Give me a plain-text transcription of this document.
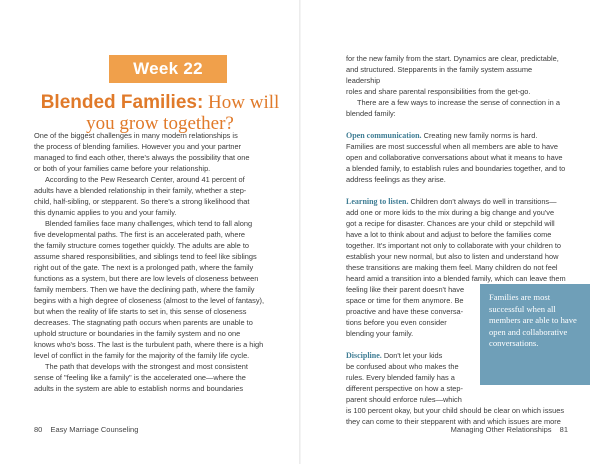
Week 22
Blended Families: How will you grow together?
One of the biggest challenges in many modern relationships is
the process of blending families. However you and your partner
managed to find each other, there's always the possibility that one
or both of your families came before your relationship.
According to the Pew Research Center, around 41 percent of
adults have a blended relationship in their family, whether a step-
child, half-sibling, or stepparent. So there's a strong likelihood that
this dynamic applies to you and your family.
Blended families face many challenges, which tend to fall along
five developmental paths. The first is an accelerated path, where
the family structure comes together quickly. The adults are able to
assume shared responsibilities, and siblings tend to feel like siblings
right out of the gate. The next is a prolonged path, where the family
functions as a system, but there are low levels of closeness between
family members. Then we have the declining path, where the family
begins with a high degree of closeness (almost to the level of fantasy),
but when the reality of life starts to set in, this sense of closeness
decreases. The stagnating path occurs when parents are unable to
uphold structure or boundaries in the family system and no one
knows who's boss. The last is the turbulent path, where there is a high
level of conflict in the family for the majority of the family life cycle.
The path that develops with the strongest and most consistent
sense of "feeling like a family" is the accelerated one—where the
adults in the system are able to establish norms and boundaries
80 Easy Marriage Counseling
for the new family from the start. Dynamics are clear, predictable,
and structured. Stepparents in the family system assume leadership
roles and share parental responsibilities from the get-go.
There are a few ways to increase the sense of connection in a
blended family:
Open communication. Creating new family norms is hard.
Families are most successful when all members are able to have
open and collaborative conversations about what it means to have
a blended family, to establish rules and boundaries together, and to
address feelings as they arise.
Learning to listen. Children don't always do well in transitions—
add one or more kids to the mix during a big change and you've
got a recipe for disaster. Chances are your child or stepchild will
have a lot to think about and adjust to before the families come
together. It's important not only to collaborate with your children to
establish your new normal, but also to listen and understand how
these transitions are making them feel. Many children do not feel
heard amid a transition into a blended family, which can leave them
feeling like their parent doesn't have
space or time for them anymore. Be
proactive and have these conversa-
tions before you even consider
blending your family.
Discipline. Don't let your kids
be confused about who makes the
rules. Every blended family has a
different perspective on how a step-
parent should enforce rules—which
is 100 percent okay, but your child should be clear on which issues
they can come to their stepparent with and which issues are more
Families are most successful when all members are able to have open and collaborative conversations.
Managing Other Relationships 81
